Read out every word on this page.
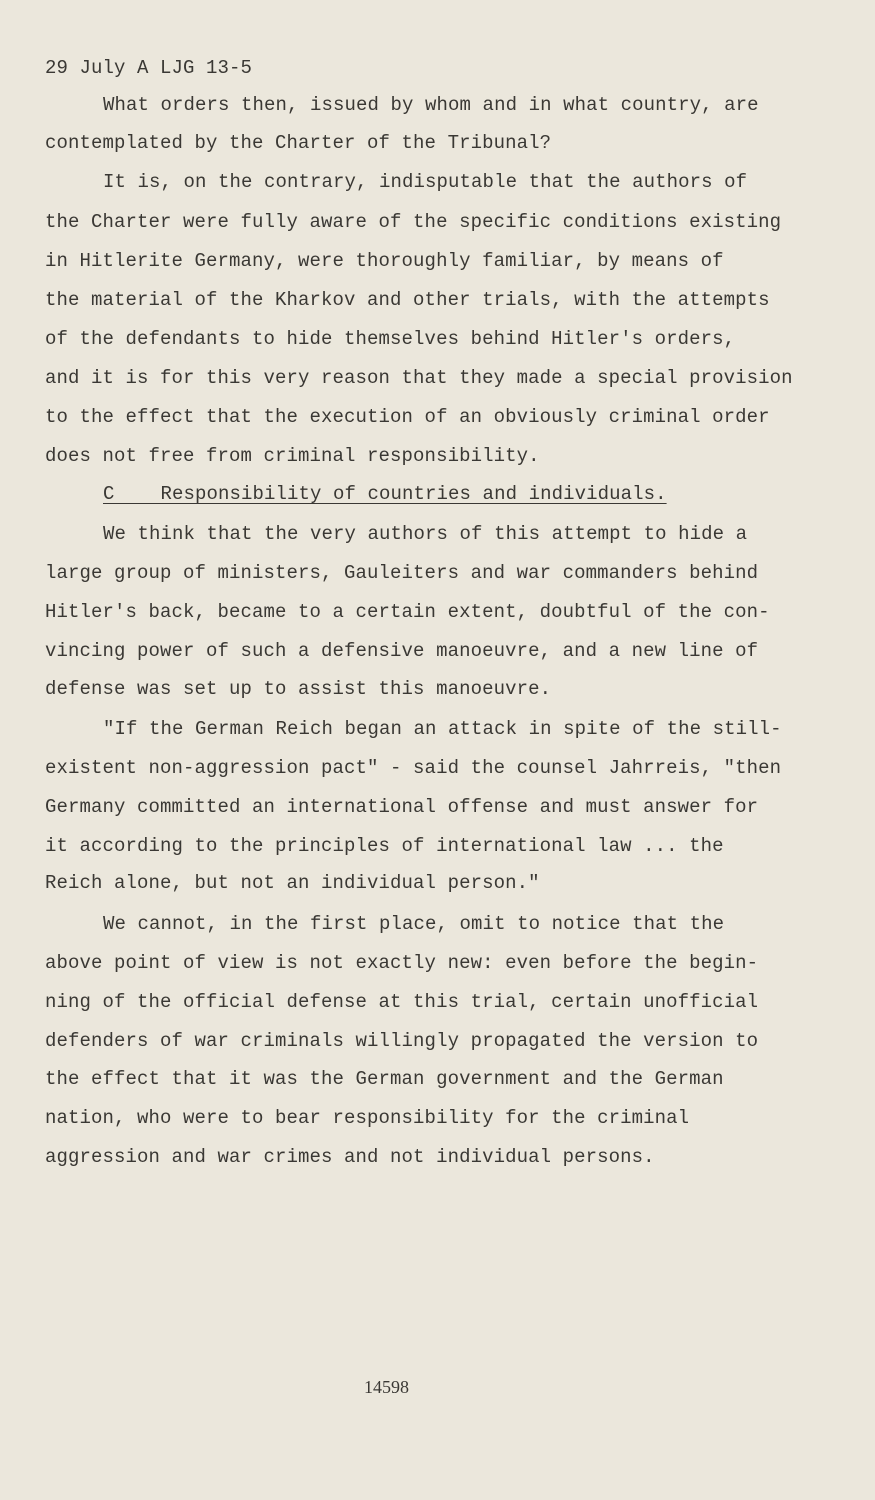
29 July A LJG 13-5
What orders then, issued by whom and in what country, are
contemplated by the Charter of the Tribunal?
It is, on the contrary, indisputable that the authors of
the Charter were fully aware of the specific conditions existing
in Hitlerite Germany, were thoroughly familiar, by means of
the material of the Kharkov and other trials, with the attempts
of the defendants to hide themselves behind Hitler's orders,
and it is for this very reason that they made a special provision
to the effect that the execution of an obviously criminal order
does not free from criminal responsibility.
C    Responsibility of countries and individuals.
We think that the very authors of this attempt to hide a
large group of ministers, Gauleiters and war commanders behind
Hitler's back, became to a certain extent, doubtful of the con-
vincing power of such a defensive manoeuvre, and a new line of
defense was set up to assist this manoeuvre.
"If the German Reich began an attack in spite of the still-
existent non-aggression pact" - said the counsel Jahrreis, "then
Germany committed an international offense and must answer for
it according to the principles of international law ... the
Reich alone, but not an individual person."
We cannot, in the first place, omit to notice that the
above point of view is not exactly new: even before the begin-
ning of the official defense at this trial, certain unofficial
defenders of war criminals willingly propagated the version to
the effect that it was the German government and the German
nation, who were to bear responsibility for the criminal
aggression and war crimes and not individual persons.
14598
